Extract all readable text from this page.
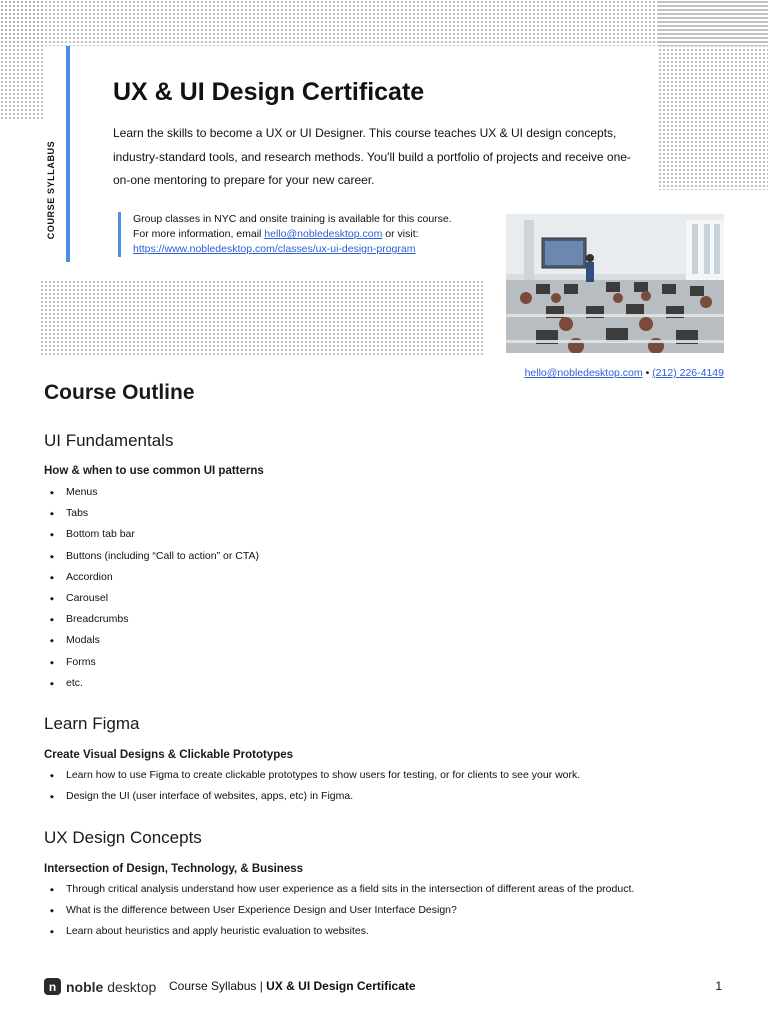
COURSE SYLLABUS
UX & UI Design Certificate

Learn the skills to become a UX or UI Designer. This course teaches UX & UI design concepts, industry-standard tools, and research methods. You'll build a portfolio of projects and receive one-on-one mentoring to prepare for your new career.

Group classes in NYC and onsite training is available for this course.
For more information, email hello@nobledesktop.com or visit:
https://www.nobledesktop.com/classes/ux-ui-design-program
hello@nobledesktop.com • (212) 226-4149
Course Outline
UI Fundamentals
How & when to use common UI patterns
◆ Menus
◆ Tabs
◆ Bottom tab bar
◆ Buttons (including “Call to action” or CTA)
◆ Accordion
◆ Carousel
◆ Breadcrumbs
◆ Modals
◆ Forms
◆ etc.
Learn Figma
Create Visual Designs & Clickable Prototypes
◆ Learn how to use Figma to create clickable prototypes to show users for testing, or for clients to see your work.
◆ Design the UI (user interface of websites, apps, etc) in Figma.
UX Design Concepts
Intersection of Design, Technology, & Business
◆ Through critical analysis understand how user experience as a field sits in the intersection of different areas of the product.
◆ What is the difference between User Experience Design and User Interface Design?
◆ Learn about heuristics and apply heuristic evaluation to websites.
n noble desktop Course Syllabus | UX & UI Design Certificate	1
